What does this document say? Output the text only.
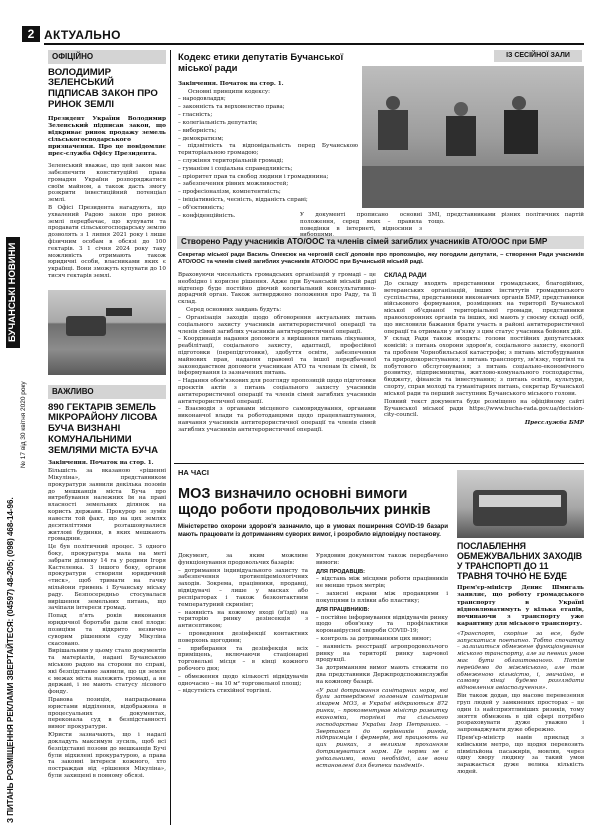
2 АКТУАЛЬНО
БУЧАНСЬКІ НОВИНИ
№ 17 від 30 квітня 2020 року
З ПИТАНЬ РОЗМІЩЕННЯ РЕКЛАМИ ЗВЕРТАЙТЕСЯ: (04597) 48-205; (098) 468-14-96.
ОФІЦІЙНО
ВОЛОДИМИР ЗЕЛЕНСЬКИЙ ПІДПИСАВ ЗАКОН ПРО РИНОК ЗЕМЛІ
Президент України Володимир Зеленський підписав закон, що відкриває ринок продажу земель сільськогосподарського призначення. Про це повідомляє прес-служба Офісу Президента.
Зеленський вважає, що цей закон має забезпечити конституційні права громадян України розпоряджатися своїм майном, а також дасть змогу розкрити інвестиційний потенціал землі.
В Офісі Президента нагадують, що ухвалений Радою закон про ринок землі передбачає, що купувати та продавати сільськогосподарську землю дозволять з 1 липня 2021 року і лише фізичним особам в обсязі до 100 гектарів. З 1 січня 2024 року таку можливість отримають також юридичні особи, власниками яких є українці. Вони зможуть купувати до 10 тисяч гектарів землі.
ВАЖЛИВО
890 ГЕКТАРІВ ЗЕМЕЛЬ МІКРОРАЙОНУ ЛІСОВА БУЧА ВИЗНАНІ КОМУНАЛЬНИМИ ЗЕМЛЯМИ МІСТА БУЧА
Закінчення. Початок на стор. 1.
Більшість за вказаною «рішенні Мікуліна», представником прокуратури заявили декілька позовів до мешканців міста Буча про витребування належних їм на праві власності земельних ділянок на користь держави. Прокурор не зумів навести той факт, що на цих землях десятиліттями розташовувалися житлові будинки, в яких мешкають громадяни.
Це був політичний процес. З одного боку, прокуратура мала на меті забрати ділянку 14 га у родини Ігоря Кастеленка. З іншого боку, органи прокуратури створили юридичний «тиск», щоб тримати на гачку мільйони гривень і Бучанську міську раду. Безпосередньо стосувалася вирішення земельних питань, що зачіпали інтереси громад.
Попад п'ять років виконання юридичної боротьби дали свої плоди: позиціям та відкрито незвично суворим рішенням суду Мікуліна скасовано.
Вирішальним у цьому стало документів та матеріалів, надані Бучанською міською радою на сторони по справі, які безпідставно заявили, що ця земля є межах міста належить громаді, а не державі, і не мають статусу лісового фонду.
Правова позиція, напрацьована юристами відділення, відображена в процесуальних документах, переконала суд в безпідставності вимог прокуратури.
Юристи зазначають, що і надалі докладуть максимум зусиль, щоб всі безпідставні позови до мешканців Бучі були відхилені прокуратурою, а права та законні інтереси кожного, хто постраждав від «рішення Мікуліна», були захищені в повному обсязі.
ІЗ СЕСІЙНОЇ ЗАЛИ
Кодекс етики депутатів Бучанської міської ради
Закінчення. Початок на стор. 1.
Основні принципи кодексу:
– народовладдя;
– законність та верховенство права;
– гласність;
– колегіальність депутатів;
– виборність;
– демократизм;
– підзвітність та відповідальність перед Бучанською територіальною громадою;
– служіння територіальній громаді;
– гуманізм і соціальна справедливість;
– пріоритет прав та свобод людини і громадянина;
– забезпечення рівних можливостей;
– професіоналізм, компетентність;
– ініціативність, чесність, відданість справі;
– об'єктивність;
– конфіденційність.	У документі прописано основні положення, серед яких – правила поведінки в інтернеті, відносини з
ЗМІ, представниками різних політичних партій тощо.
Створено Раду учасників АТО/ООС та членів сімей загиблих учасників АТО/ООС при БМР
Секретар міської ради Василь Олексюк на черговій сесії доповів про пропозицію, яку погодили депутати, – створення Ради учасників АТО/ООС та членів сімей загиблих учасників АТО/ООС при Бучанській міській раді.
Враховуючи чисельність громадських організацій у громаді – це необхідно і корисне рішення. Адже при Бучанській міській раді відтепер буде постійно діючий колегіальний консультативно-дорадчий орган. Також затверджено положення про Раду, та її склад.
Серед основних завдань будуть:
– Організація заходів щодо обговорення актуальних питань соціального захисту учасників антитерористичної операції та членів сімей загиблих учасників антитерористичної операції.
– Координація надання допомоги з вирішення питань лікування, реабілітації, соціального захисту, адаптації, професійної підготовки (перепідготовки), здобуття освіти, забезпечення майнових прав, надання правової та іншої передбаченої законодавством допомоги учасникам АТО та членам їх сімей, їх інформування із зазначених питань.
– Надання обов'язкових для розгляду пропозицій щодо підготовки проєктів актів з питань соціального захисту учасників антитерористичної операції та членів сімей загиблих учасників антитерористичної операції.
– Взаємодія з органами місцевого самоврядування, органами виконавчої влади та роботодавцями щодо працевлаштування, навчання учасників антитерористичної операції та членів сімей загиблих учасників антитерористичної операції.
СКЛАД РАДИ
До складу входять представники громадських, благодійних, ветеранських організацій, інших інститутів громадянського суспільства, представники виконавчих органів БМР, представники військового формування, розміщених на території Бучанської міської об'єднаної територіальної громади, представники правоохоронних органів та інших, які мають у своєму складі осіб, що висловили бажання брати участь в районі антитерористичної операції та отримали у зв'язку з цим статус учасника бойових дій.
У склад Ради також входять: голови постійних депутатських комісій: з питань охорони здоров'я, соціального захисту, екології та проблем Чорнобильської катастрофи; з питань містобудування та природокористування; з питань транспорту, зв'язку, торгівлі та побутового обслуговування; з питань соціально-економічного розвитку, підприємництва, житлово-комунального господарства, бюджету, фінансів та інвестування; з питань освіти, культури, спорту, справ молоді та гуманітарних питань, секретар Бучанської міської ради та перший заступник Бучанського міського голови.
Повний текст документа буде розміщено на офіційному сайті Бучанської міської ради https://www.bucha-rada.gov.ua/decision-city-council.
Пресслужба БМР
НА ЧАСІ
МОЗ визначило основні вимоги щодо роботи продовольчих ринків
Міністерство охорони здоров'я зазначило, що в умовах поширення COVID-19 базари мають працювати із дотриманням суворих вимог, і розробило відповідну постанову.
Документ, за яким можливе функціонування продовольчих базарів:
– дотримання індивідуального захисту та забезпечення протиепідеміологічних заходів. Зокрема, працівники, продавці, відвідувачі – лише у масках або респіраторах і також безконтактним температурний скринінг;
– наявність на кожному вході (в'їзді) на територію ринку дезінсекція з антисептиком;
– проведення дезінфекції контактних поверхонь щогодини;
– прибирання та дезінфекція всіх приміщень, включаючи стаціонарні торговельні місця – в кінці кожного робочого дня;
– обмеження щодо кількості відвідувачів одночасно – на 10 м² торговельної площі;
– відсутність стихійної торгівлі.
Урядовим документом також передбачено вимоги:
ДЛЯ ПРОДАВЦІВ:
– відстань між місцями роботи працівників не менше трьох метрів;
– захисні екрани між продавцями і покупцями із плівки або пластику;
ДЛЯ ПРАЦІВНИКІВ:
– постійне інформування відвідувачів ринку щодо обов'язку та профілактики коронавірусної хвороби COVID-19;
– контроль за дотриманням цих вимог;
– наявність реєстрації агропродовольчого ринку на території ринку харчової продукції.
За дотриманням вимог мають стежити по два представники Держпродспоживслужби на кожному базарі.
«У разі дотримання санітарних норм, які були затверджені головним санітарним лікарем МОЗ, в Україні відкриються 872 ринки, – прокоментував міністр розвитку економіки, торгівлі та сільського господарства України Ігор Петрашко. – Звертаюся до керівників ринків, підприємців і фермерів, які працюють на цих ринках, з великим проханням дотримуватися норм. Це норми не є унікальними, вони необхідні, але вони встановлені для безпеки пандемії».
ПОСЛАБЛЕННЯ ОБМЕЖУВАЛЬНИХ ЗАХОДІВ У ТРАНСПОРТІ ДО 11 ТРАВНЯ ТОЧНО НЕ БУДЕ
Прем'єр-міністр Денис Шмигаль заявляє, що роботу громадського транспорту в Україні відновлюватимуть у кілька етапів, починаючи з транспорту уже карантину для міського транспорту.
«Транспорт, скоріше за все, буде запускатися поетапно. Тобто спочатку – залишиться обмежене функціонування міського транспорту, але за певних умов має бути облаштованого. Потім перейдемо до міжміського, але там обмеженою кількістю, і, звичайно, в самому кінці будемо розглядати відновлення авіасполучення».
Він також додав, що масове перевезення груп людей у замкнених просторах – це один із найсприятливіших ризиків, тому зняття обмежень в цій сфері потрібно розраховувати дуже уважно і запроваджувати дуже обережно.
Прем'єр-міністр навів приклад з київським метро, що щодня перевозить півмільйона пасажирів, мовляв, через одну хвору людину за такий умов заражається дуже велика кількість людей.
